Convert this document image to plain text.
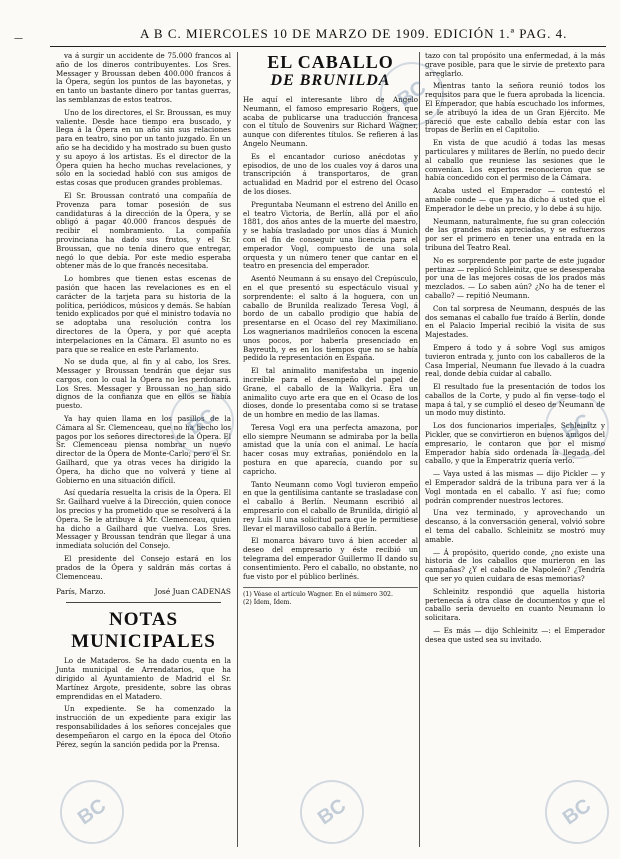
—	A B C. MIERCOLES 10 DE MARZO DE 1909. EDICIÓN 1.ª PAG. 4.

va á surgir un accidente de 75.000 francos al año de los dineros contribuyentes. Los Sres. Messager y Broussan deben 400.000 francos á la Ópera, según los puntos de las bayonetas, y en tanto un bastante dinero por tantas guerras, las semblanzas de estos teatros.

Uno de los directores, el Sr. Broussan, es muy valiente. Desde hace tiempo era buscado, y llega á la Ópera en un año sin sus relaciones para en teatro, sino por un tanto juzgado. En un año se ha decidido y ha mostrado su buen gusto y su apoyo á los artistas. Es el director de la Ópera quien ha hecho muchas revelaciones, y sólo en la sociedad habló con sus amigos de estas cosas que producen grandes problemas.

El Sr. Broussan contrató una compañía de Provenza para tomar posesión de sus candidaturas á la dirección de la Ópera, y se obligó á pagar 40.000 francos después de recibir el nombramiento. La compañía provinciana ha dado sus frutos, y el Sr. Broussan, que no tenía dinero que entregar, negó lo que debía. Por este medio esperaba obtener más de lo que francés necesitaba.

Lo hombres que tienen estas escenas de pasión que hacen las revelaciones es en el carácter de la tarjeta para su historia de la política, periódicos, músicos y demás. Se habían tenido explicados por qué el ministro todavía no se adoptaba una resolución contra los directores de la Ópera, y por qué acepta interpelaciones en la Cámara. El asunto no es para que se realice en este Parlamento.

No se duda que, al fin y al cabo, los Sres. Messager y Broussan tendrán que dejar sus cargos, con lo cual la Ópera no les perdonará. Los Sres. Messager y Broussan no han sido dignos de la confianza que en ellos se había puesto.

Ya hay quien llama en los pasillos de la Cámara al Sr. Clemenceau, que no ha hecho los pagos por los señores directores de la Ópera. El Sr. Clemenceau piensa nombrar un nuevo director de la Ópera de Monte-Carlo; pero el Sr. Gailhard, que ya otras veces ha dirigido la Ópera, ha dicho que no volverá y tiene al Gobierno en una situación difícil.

Así quedaría resuelta la crisis de la Ópera. El Sr. Gailhard vuelve á la Dirección, quien conoce los precios y ha prometido que se resolverá á la Ópera. Se le atribuye á Mr. Clemenceau, quien ha dicho a Gailhard que vuelva. Los Sres. Messager y Broussan tendrán que llegar á una inmediata solución del Consejo.

El presidente del Consejo estará en los prados de la Ópera y saldrán más cortas á Clemenceau.

París, Marzo.	José Juan CADENAS
NOTAS MUNICIPALES

Lo de Mataderos. Se ha dado cuenta en la Junta municipal de Arrendatarios, que ha dirigido al Ayuntamiento de Madrid el Sr. Martínez Argote, presidente, sobre las obras emprendidas en el Matadero.

Un expediente. Se ha comenzado la instrucción de un expediente para exigir las responsabilidades á los señores concejales que desempeñaron el cargo en la época del Otoño Pérez, según la sanción pedida por la Prensa.

EL CABALLO
DE BRUNILDA

He aquí el interesante libro de Angelo Neumann, el famoso empresario Rogers, que acaba de publicarse una traducción francesa con el título de Souvenirs sur Richard Wagner, aunque con diferentes títulos. Se refieren á las Angelo Neumann.

Es el encantador curioso anécdotas y episodios, de uno de los cuales voy á daros una transcripción á transportaros, de gran actualidad en Madrid por el estreno del Ocaso de los dioses.

Preguntaba Neumann el estreno del Anillo en el teatro Victoria, de Berlín, allá por el año 1881, dos años antes de la muerte del maestro, y se había trasladado por unos días á Munich con el fin de conseguir una licencia para el emperador Vogl, compuesto de una sola orquesta y un número tener que cantar en el teatro en presencia del emperador.

Asentó Neumann á su ensayo del Crepúsculo, en el que presentó su espectáculo visual y sorprendente: el salto á la hoguera, con un caballo de Brunilda realizado Teresa Vogl, á bordo de un caballo prodigio que había de presentarse en el Ocaso del rey Maximiliano. Los wagnerianos madrileños conocen la escena unos pocos, por haberla presenciado en Bayreuth, y es en los tiempos que no se había pedido la representación en España.

El tal animalito manifestaba un ingenio increíble para el desempeño del papel de Grane, el caballo de la Walkyria. Era un animalito cuyo arte era que en el Ocaso de los dioses, donde lo presentaba como si se tratase de un hombre en medio de las llamas.

Teresa Vogl era una perfecta amazona, por ello siempre Neumann se admiraba por la bella amistad que la unía con el animal. Le hacía hacer cosas muy extrañas, poniéndolo en la postura en que aparecía, cuando por su capricho.

Tanto Neumann como Vogl tuvieron empeño en que la gentilísima cantante se trasladase con el caballo á Berlín. Neumann escribió al empresario con el caballo de Brunilda, dirigió al rey Luis II una solicitud para que le permitiese llevar el maravilloso caballo á Berlín.

El monarca bávaro tuvo á bien acceder al deseo del empresario y éste recibió un telegrama del emperador Guillermo II dando su consentimiento. Pero el caballo, no obstante, no fue visto por el público berlinés.

(1) Véase el artículo Wagner. En el número 302.
(2) Ídem, Ídem.

tazo con tal propósito una enfermedad, á la más grave posible, para que le sirvie de pretexto para arreglarlo.

Mientras tanto la señora reunió todos los requisitos para que le fuera aprobada la licencia. El Emperador, que había escuchado los informes, se le atribuyó la idea de un Gran Ejército. Me pareció que este caballo debía estar con las tropas de Berlín en el Capitolio.

En vista de que acudió á todas las mesas particulares y militares de Berlín, no puedo decir al caballo que reuniese las sesiones que le convenían. Los expertos reconocieron que se había concedido con el permiso de la Cámara.

Acaba usted el Emperador — contestó el amable conde — que ya ha dicho á usted que el Emperador le debe un precio, y lo debe á su hijo.

Neumann, naturalmente, fue su gran colección de las grandes más apreciadas, y se esfuerzos por ser el primero en tener una entrada en la tribuna del Teatro Real.

No es sorprendente por parte de este jugador pertinaz — replicó Schleinitz, que se desesperaba por una de las mejores cosas de los prados más mezclados. — Lo saben aún? ¿No ha de tener el caballo? — repitió Neumann.

Con tal sorpresa de Neumann, después de las dos semanas el caballo fue traído á Berlín, donde en el Palacio Imperial recibió la visita de sus Majestades.

Empero á todo y á sobre Vogl sus amigos tuvieron entrada y, junto con los caballeros de la Casa Imperial, Neumann fue llevado á la cuadra real, donde debía cuidar al caballo.

El resultado fue la presentación de todos los caballos de la Corte, y pudo al fin verse todo el mapa á tal, y se cumplió el deseo de Neumann de un modo muy distinto.

Los dos funcionarios imperiales, Schleinitz y Pickler, que se convirtieron en buenos amigos del empresario, le contaron que por el mismo Emperador había sido ordenada la llegada del caballo, y que la Emperatriz quería verlo.

— Vaya usted á las mismas — dijo Pickler — y el Emperador saldrá de la tribuna para ver á la Vogl montada en el caballo. Y así fue; como podrán comprender nuestros lectores.

Una vez terminado, y aprovechando un descanso, á la conversación general, volvió sobre el tema del caballo. Schleinitz se mostró muy amable.

— Á propósito, querido conde, ¿no existe una historia de los caballos que murieron en las campañas? ¿Y el caballo de Napoleón? ¿Tendría que ser yo quien cuidara de esas memorias?

Schleinitz respondió que aquella historia pertenecía á otra clase de documentos y que el caballo sería devuelto en cuanto Neumann lo solicitara.

— Es más — dijo Schleinitz —: el Emperador desea que usted sea su invitado.

BC
BC	BC
BC	BC	BC
